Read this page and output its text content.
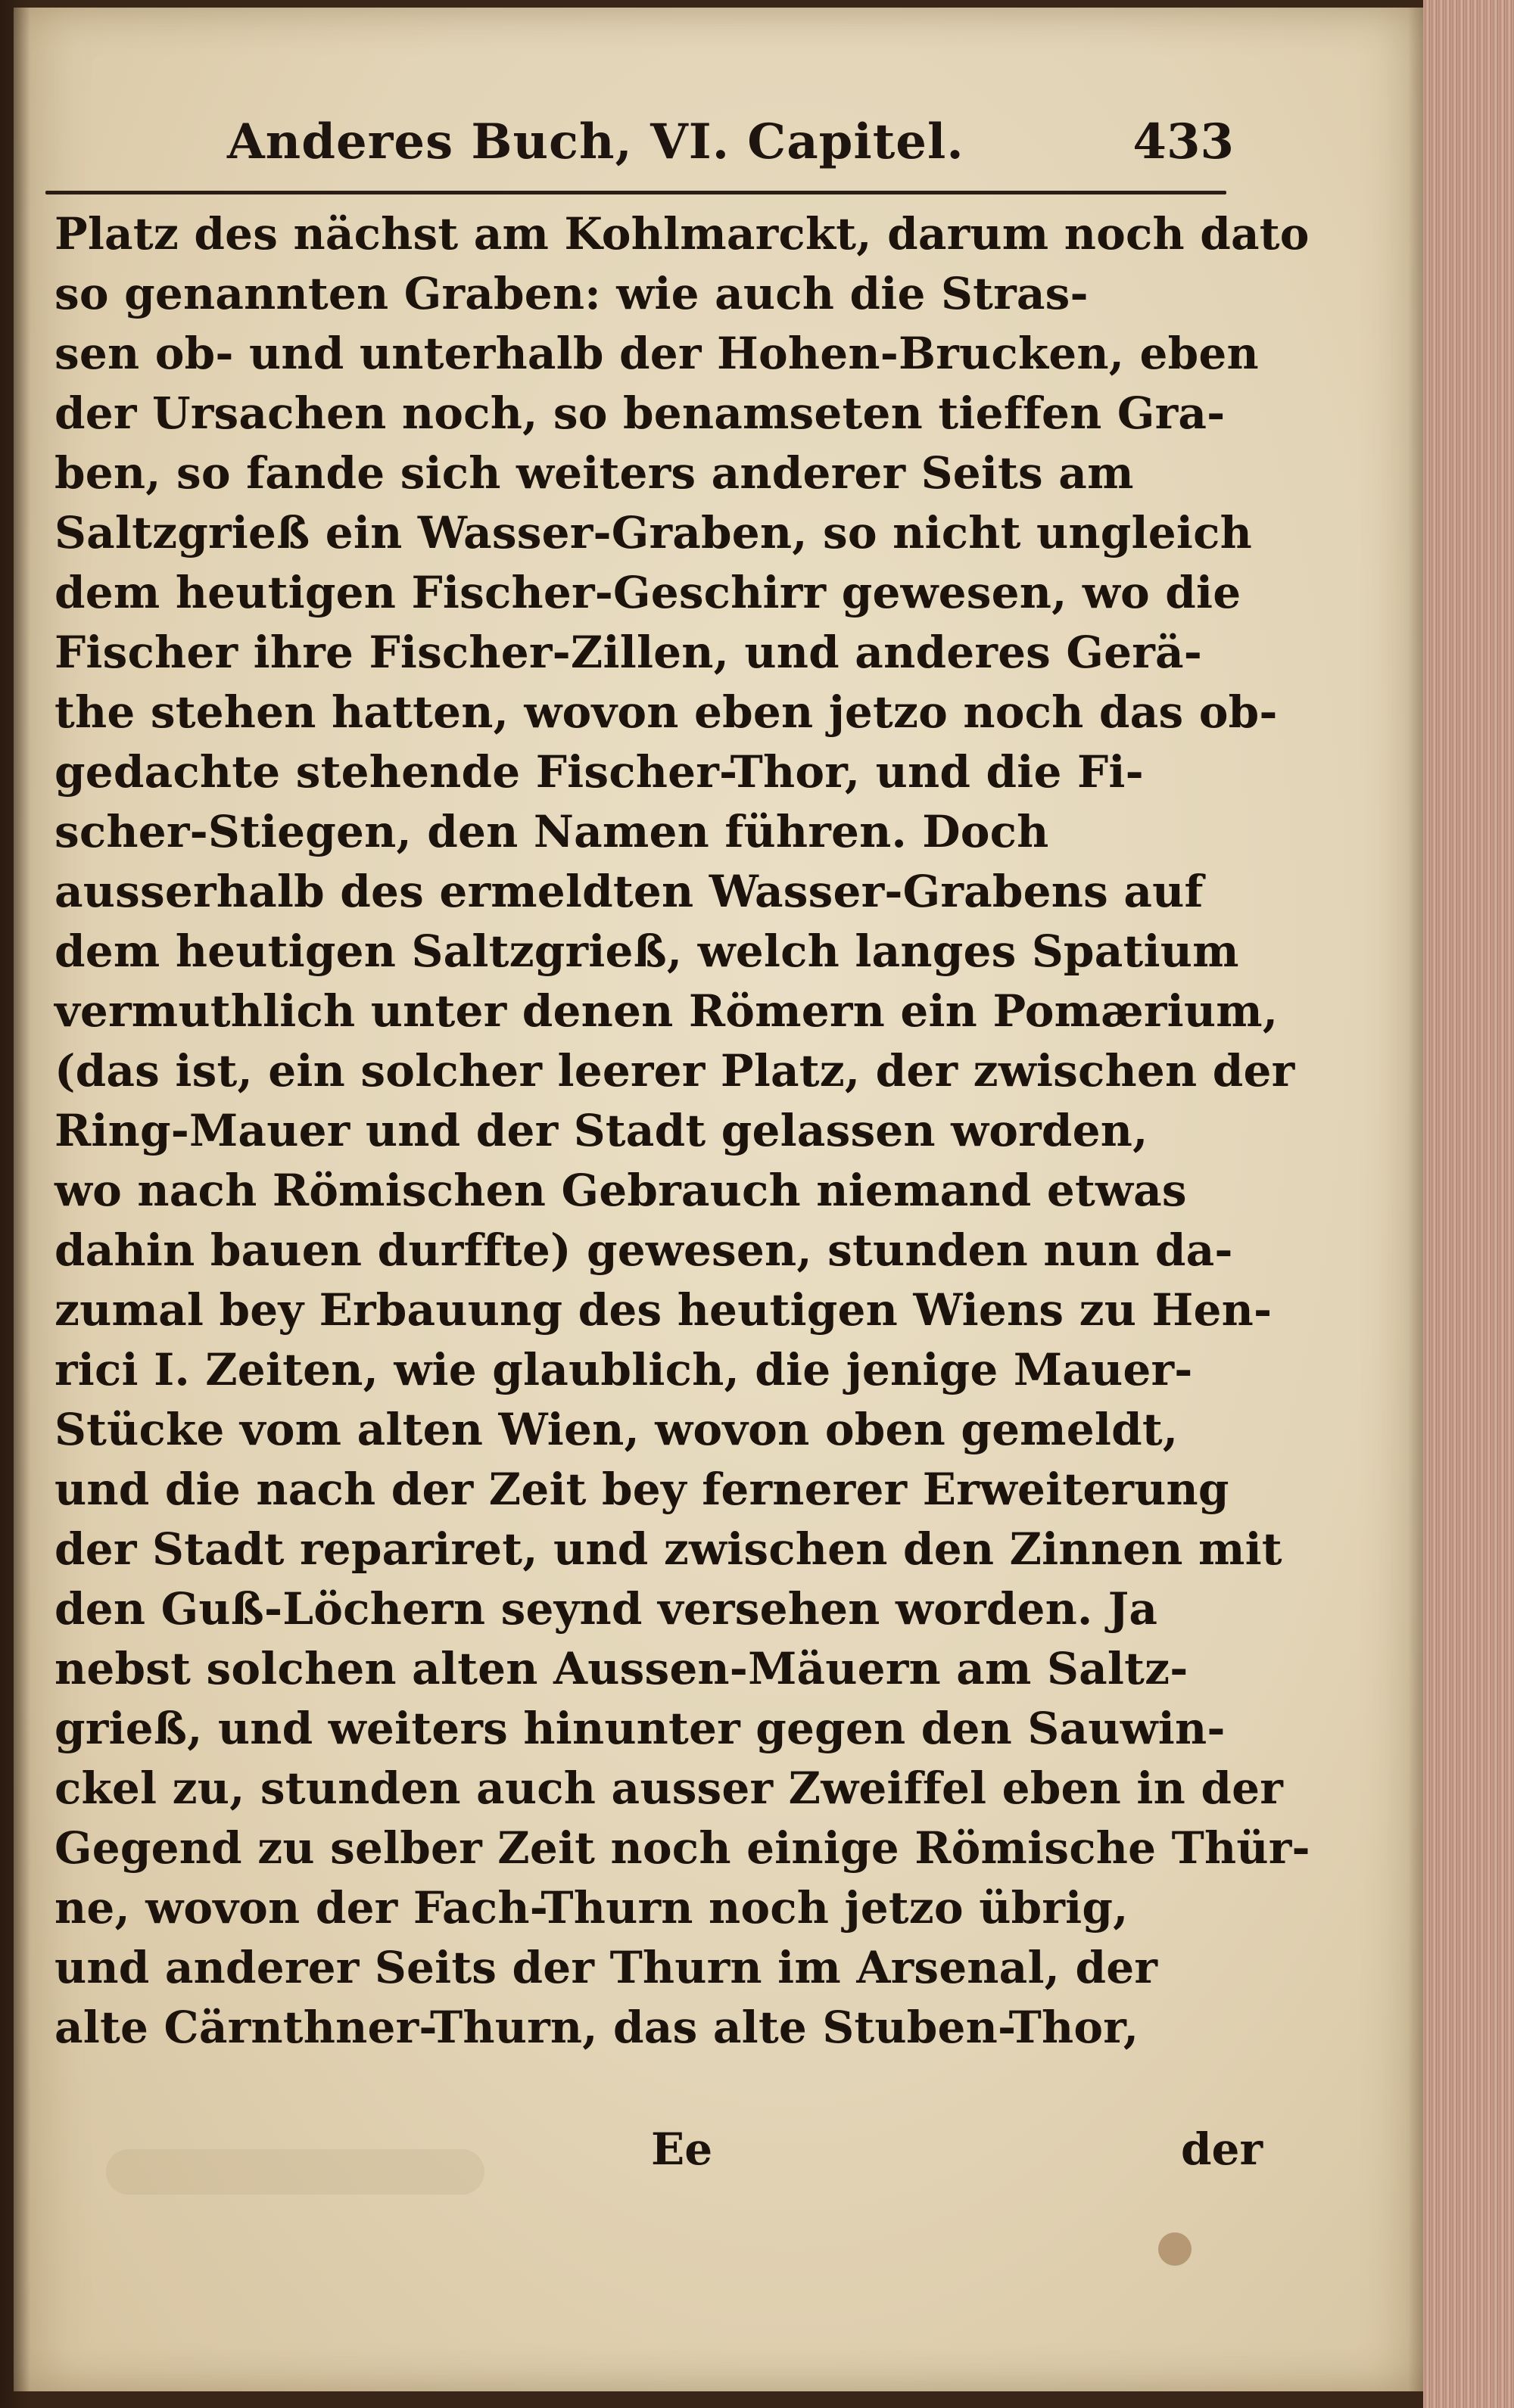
Anderes Buch, VI. Capitel.	433
Platz des nächst am Kohlmarckt, darum noch dato
so genannten Graben: wie auch die Stras-
sen ob- und unterhalb der Hohen-Brucken, eben
der Ursachen noch, so benamseten tieffen Gra-
ben, so fande sich weiters anderer Seits am
Saltzgrieß ein Wasser-Graben, so nicht ungleich
dem heutigen Fischer-Geschirr gewesen, wo die
Fischer ihre Fischer-Zillen, und anderes Gerä-
the stehen hatten, wovon eben jetzo noch das ob-
gedachte stehende Fischer-Thor, und die Fi-
scher-Stiegen, den Namen führen. Doch
ausserhalb des ermeldten Wasser-Grabens auf
dem heutigen Saltzgrieß, welch langes Spatium
vermuthlich unter denen Römern ein Pomærium,
(das ist, ein solcher leerer Platz, der zwischen der
Ring-Mauer und der Stadt gelassen worden,
wo nach Römischen Gebrauch niemand etwas
dahin bauen durffte) gewesen, stunden nun da-
zumal bey Erbauung des heutigen Wiens zu Hen-
rici I. Zeiten, wie glaublich, die jenige Mauer-
Stücke vom alten Wien, wovon oben gemeldt,
und die nach der Zeit bey fernerer Erweiterung
der Stadt repariret, und zwischen den Zinnen mit
den Guß-Löchern seynd versehen worden. Ja
nebst solchen alten Aussen-Mäuern am Saltz-
grieß, und weiters hinunter gegen den Sauwin-
ckel zu, stunden auch ausser Zweiffel eben in der
Gegend zu selber Zeit noch einige Römische Thür-
ne, wovon der Fach-Thurn noch jetzo übrig,
und anderer Seits der Thurn im Arsenal, der
alte Cärnthner-Thurn, das alte Stuben-Thor,
Ee	der
